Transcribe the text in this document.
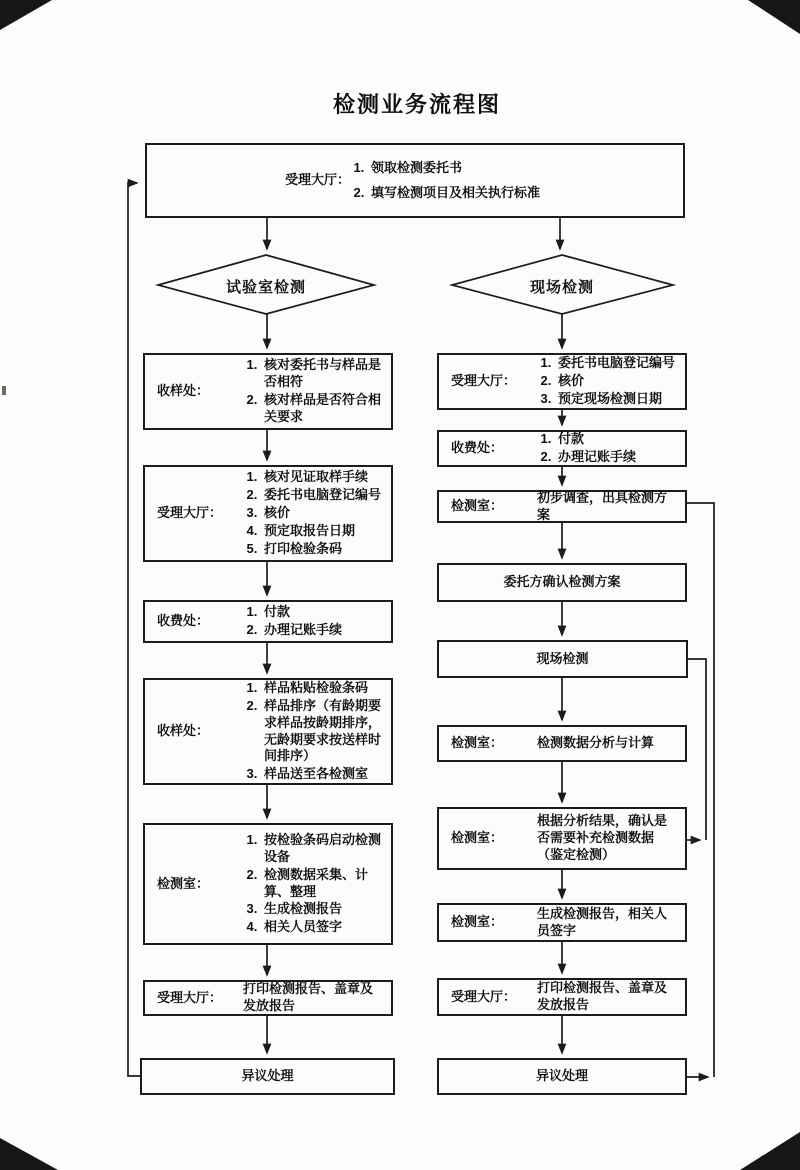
检测业务流程图
受理大厅：
1. 领取检测委托书
2. 填写检测项目及相关执行标准
试验室检测	现场检测
收样处：
1. 核对委托书与样品是否相符
2. 核对样品是否符合相关要求
受理大厅：
1. 核对见证取样手续
2. 委托书电脑登记编号
3. 核价
4. 预定取报告日期
5. 打印检验条码
收费处：
1. 付款
2. 办理记账手续
收样处：
1. 样品粘贴检验条码
2. 样品排序（有龄期要求样品按龄期排序，无龄期要求按送样时间排序）
3. 样品送至各检测室
检测室：
1. 按检验条码启动检测设备
2. 检测数据采集、计算、整理
3. 生成检测报告
4. 相关人员签字
受理大厅：
打印检测报告、盖章及发放报告
异议处理
受理大厅：
1. 委托书电脑登记编号
2. 核价
3. 预定现场检测日期
收费处：
1. 付款
2. 办理记账手续
检测室：
初步调查，出具检测方案
委托方确认检测方案
现场检测
检测室：	检测数据分析与计算
检测室：
根据分析结果，确认是否需要补充检测数据（鉴定检测）
检测室：
生成检测报告，相关人员签字
受理大厅：
打印检测报告、盖章及发放报告
异议处理
